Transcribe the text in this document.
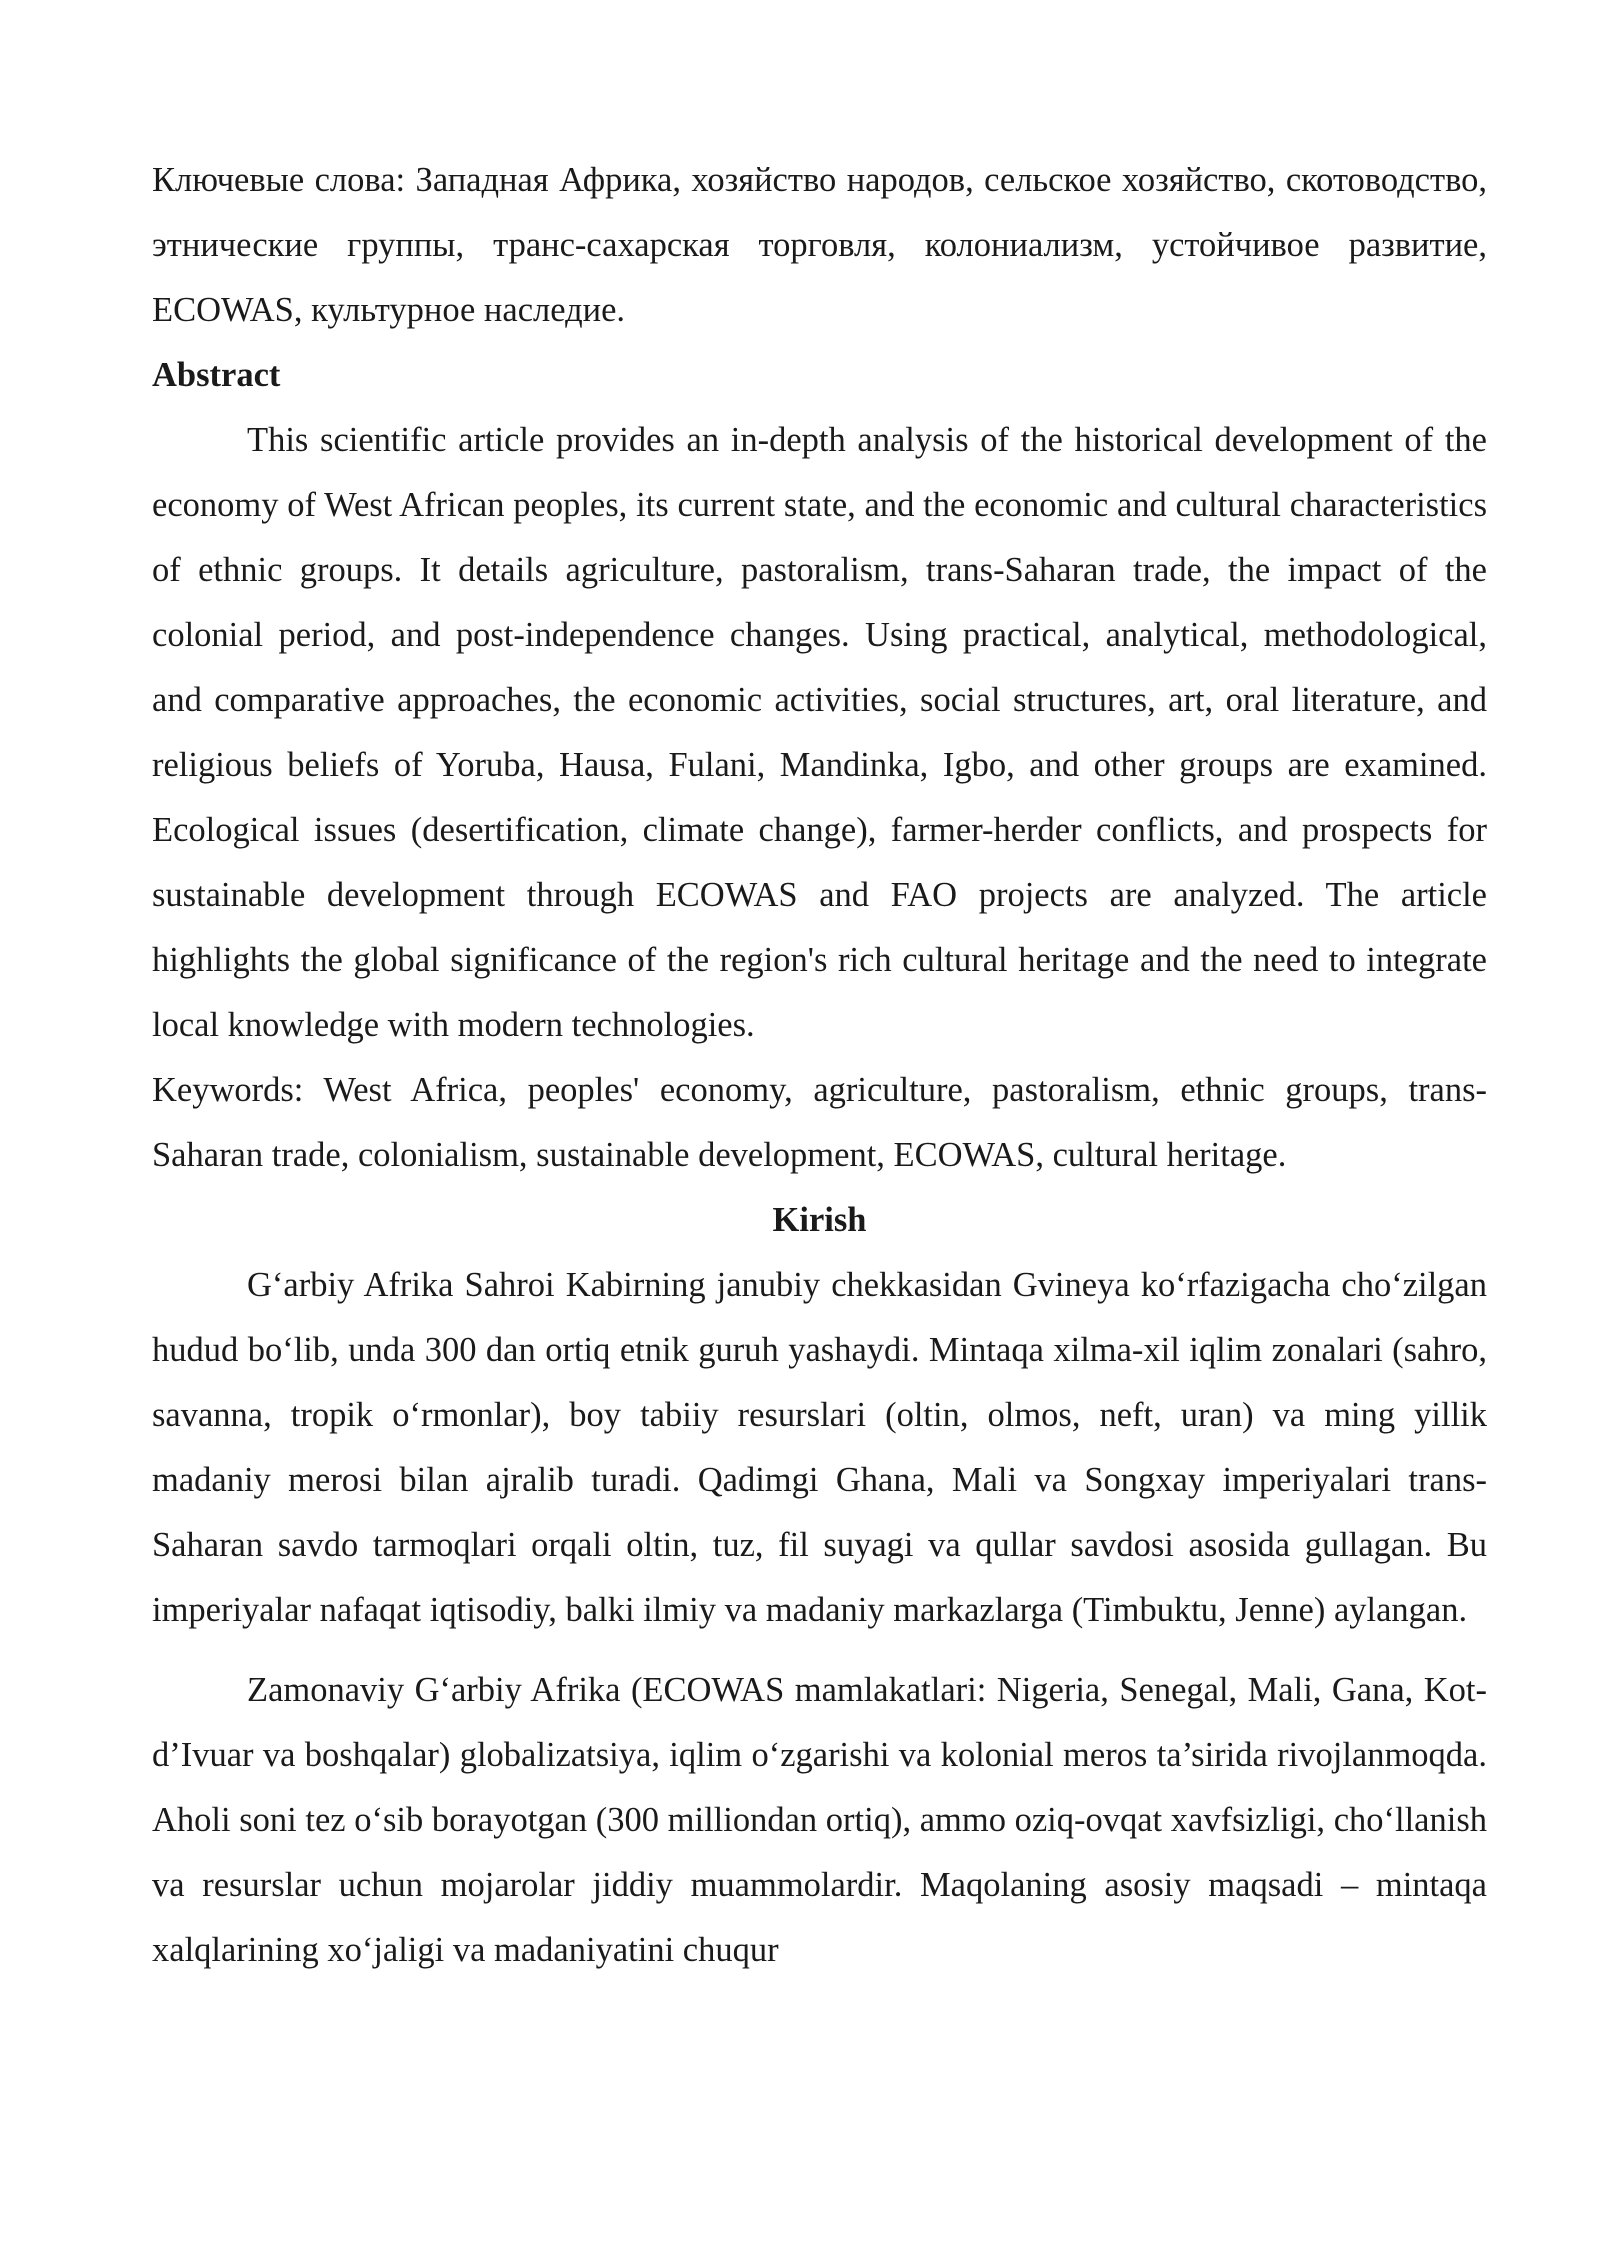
Ключевые слова: Западная Африка, хозяйство народов, сельское хозяйство, скотоводство, этнические группы, транс-сахарская торговля, колониализм, устойчивое развитие, ECOWAS, культурное наследие.

Abstract

This scientific article provides an in-depth analysis of the historical development of the economy of West African peoples, its current state, and the economic and cultural characteristics of ethnic groups. It details agriculture, pastoralism, trans-Saharan trade, the impact of the colonial period, and post-independence changes. Using practical, analytical, methodological, and comparative approaches, the economic activities, social structures, art, oral literature, and religious beliefs of Yoruba, Hausa, Fulani, Mandinka, Igbo, and other groups are examined. Ecological issues (desertification, climate change), farmer-herder conflicts, and prospects for sustainable development through ECOWAS and FAO projects are analyzed. The article highlights the global significance of the region's rich cultural heritage and the need to integrate local knowledge with modern technologies.

Keywords: West Africa, peoples' economy, agriculture, pastoralism, ethnic groups, trans-Saharan trade, colonialism, sustainable development, ECOWAS, cultural heritage.

Kirish

G‘arbiy Afrika Sahroi Kabirning janubiy chekkasidan Gvineya ko‘rfazigacha cho‘zilgan hudud bo‘lib, unda 300 dan ortiq etnik guruh yashaydi. Mintaqa xilma-xil iqlim zonalari (sahro, savanna, tropik o‘rmonlar), boy tabiiy resurslari (oltin, olmos, neft, uran) va ming yillik madaniy merosi bilan ajralib turadi. Qadimgi Ghana, Mali va Songxay imperiyalari trans-Saharan savdo tarmoqlari orqali oltin, tuz, fil suyagi va qullar savdosi asosida gullagan. Bu imperiyalar nafaqat iqtisodiy, balki ilmiy va madaniy markazlarga (Timbuktu, Jenne) aylangan.

Zamonaviy G‘arbiy Afrika (ECOWAS mamlakatlari: Nigeria, Senegal, Mali, Gana, Kot-d’Ivuar va boshqalar) globalizatsiya, iqlim o‘zgarishi va kolonial meros ta’sirida rivojlanmoqda. Aholi soni tez o‘sib borayotgan (300 milliondan ortiq), ammo oziq-ovqat xavfsizligi, cho‘llanish va resurslar uchun mojarolar jiddiy muammolardir. Maqolaning asosiy maqsadi – mintaqa xalqlarining xo‘jaligi va madaniyatini chuqur
